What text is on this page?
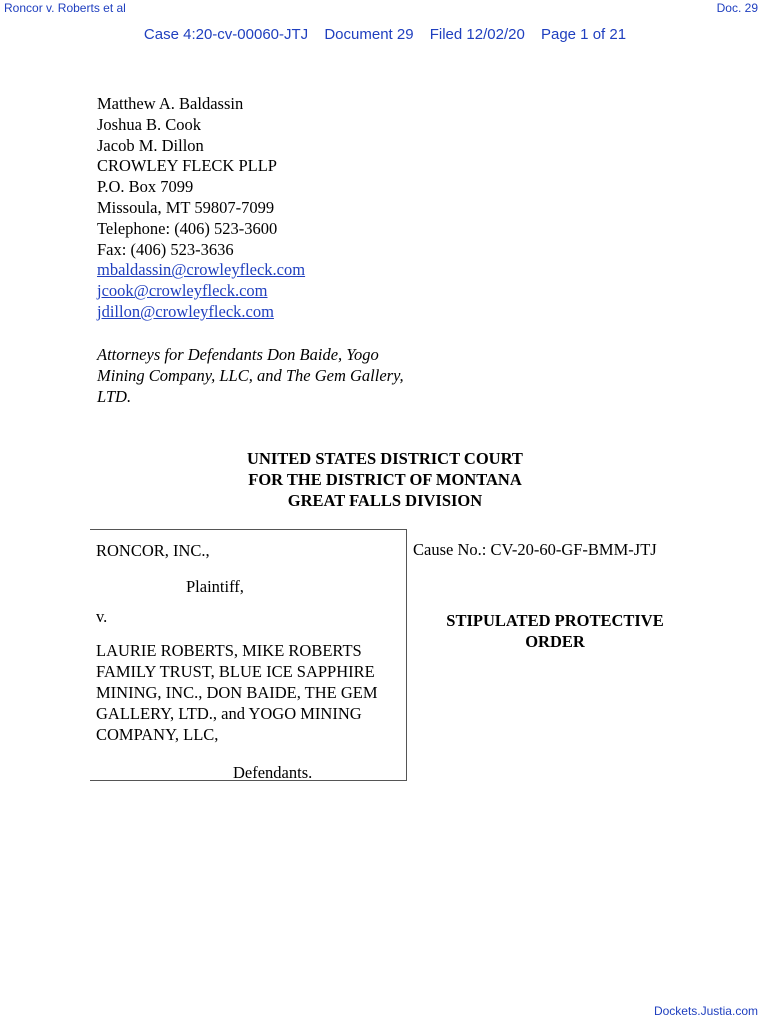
Roncor v. Roberts et al	Doc. 29
Case 4:20-cv-00060-JTJ Document 29 Filed 12/02/20 Page 1 of 21
Matthew A. Baldassin
Joshua B. Cook
Jacob M. Dillon
CROWLEY FLECK PLLP
P.O. Box 7099
Missoula, MT 59807-7099
Telephone: (406) 523-3600
Fax: (406) 523-3636
mbaldassin@crowleyfleck.com
jcook@crowleyfleck.com
jdillon@crowleyfleck.com
Attorneys for Defendants Don Baide, Yogo Mining Company, LLC, and The Gem Gallery, LTD.
UNITED STATES DISTRICT COURT
FOR THE DISTRICT OF MONTANA
GREAT FALLS DIVISION
RONCOR, INC.,
Plaintiff,
v.
LAURIE ROBERTS, MIKE ROBERTS
FAMILY TRUST, BLUE ICE SAPPHIRE
MINING, INC., DON BAIDE, THE GEM
GALLERY, LTD., and YOGO MINING
COMPANY, LLC,
Defendants.
Cause No.: CV-20-60-GF-BMM-JTJ
STIPULATED PROTECTIVE
ORDER
Dockets.Justia.com
